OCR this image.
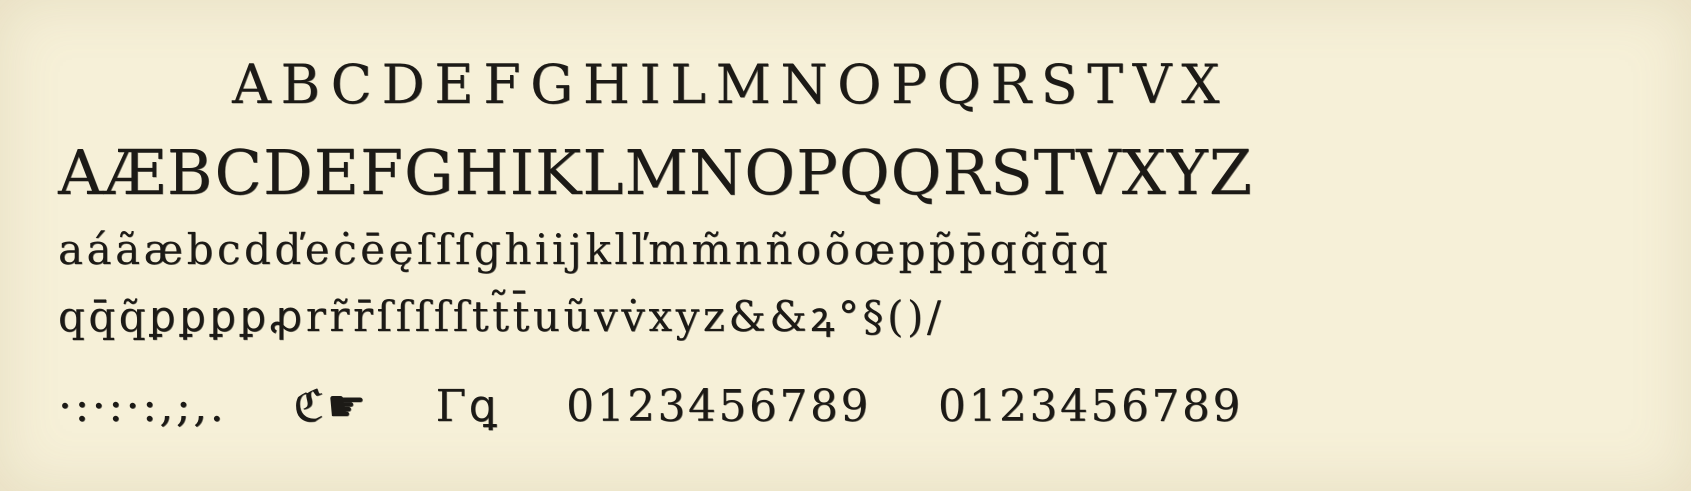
ABCDEFGHILMNOPQRSTVX
AÆBCDEFGHIKLMNOPQQRSTVXYZ
aáãæbcdďeċēęſſſghiijklľmm̃nñoõœpp̃p̄qq̃q̄q
qq̄q̃ꝑꝑꝑꝑꝓrr̃r̄ſſſſſtt̃t̄uũvv̇xyz&&ꝝ°§()/
·:·:·:,;,. ℭ☛ Γꝗ 0123456789 0123456789
